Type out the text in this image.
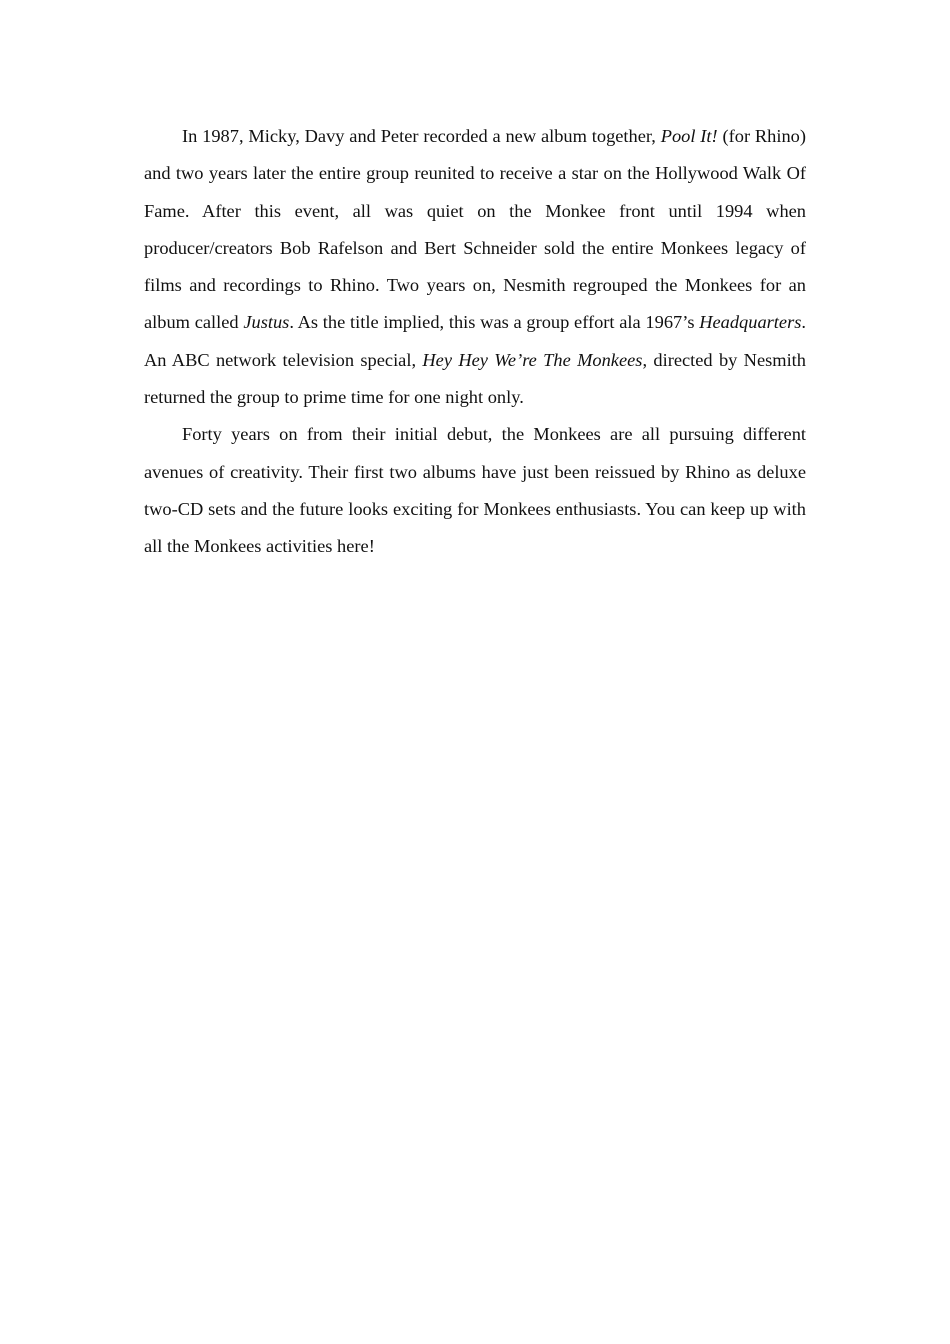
In 1987, Micky, Davy and Peter recorded a new album together, Pool It! (for Rhino) and two years later the entire group reunited to receive a star on the Hollywood Walk Of Fame. After this event, all was quiet on the Monkee front until 1994 when producer/creators Bob Rafelson and Bert Schneider sold the entire Monkees legacy of films and recordings to Rhino. Two years on, Nesmith regrouped the Monkees for an album called Justus. As the title implied, this was a group effort ala 1967’s Headquarters. An ABC network television special, Hey Hey We’re The Monkees, directed by Nesmith returned the group to prime time for one night only.

Forty years on from their initial debut, the Monkees are all pursuing different avenues of creativity. Their first two albums have just been reissued by Rhino as deluxe two-CD sets and the future looks exciting for Monkees enthusiasts. You can keep up with all the Monkees activities here!
